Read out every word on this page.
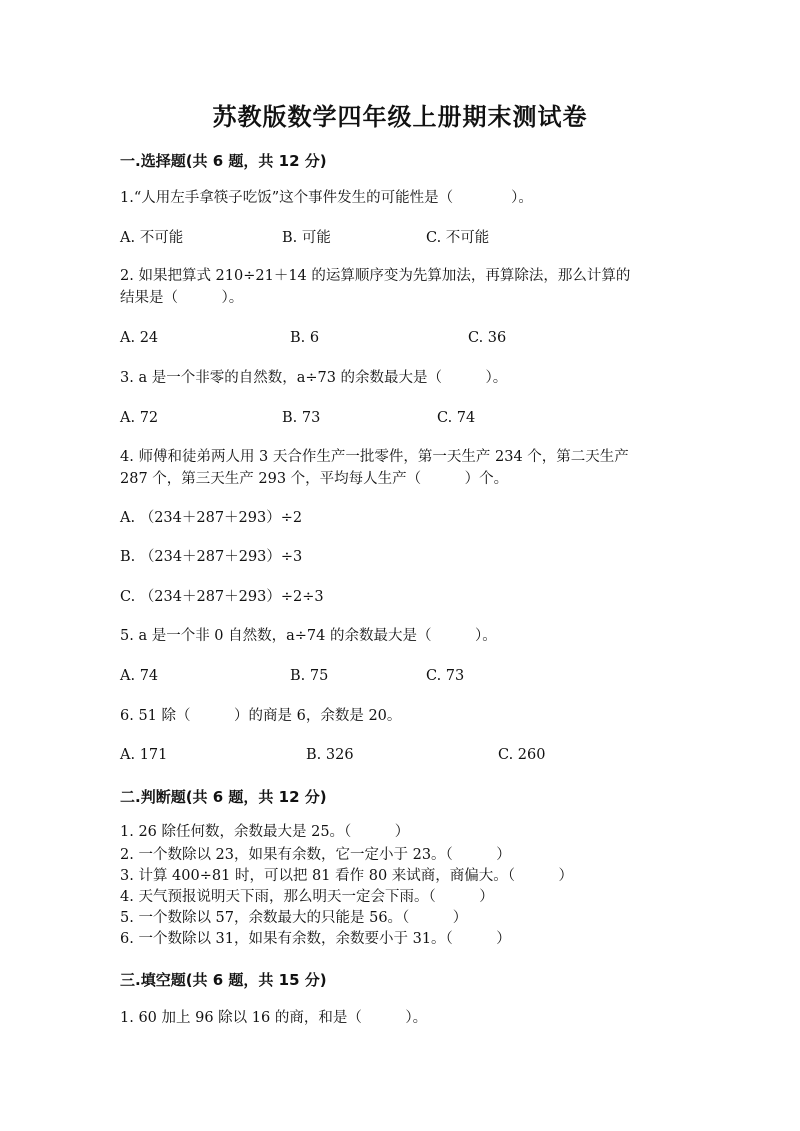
苏教版数学四年级上册期末测试卷
一.选择题(共 6 题，共 12 分)
1.“人用左手拿筷子吃饭”这个事件发生的可能性是（　　　　）。
A. 不可能	B. 可能	C. 不可能
2. 如果把算式 210÷21＋14 的运算顺序变为先算加法，再算除法，那么计算的
结果是（　　　）。
A. 24	B. 6	C. 36
3. a 是一个非零的自然数，a÷73 的余数最大是（　　　）。
A. 72	B. 73	C. 74
4. 师傅和徒弟两人用 3 天合作生产一批零件，第一天生产 234 个，第二天生产
287 个，第三天生产 293 个，平均每人生产（　　　）个。
A. （234＋287＋293）÷2
B. （234＋287＋293）÷3
C. （234＋287＋293）÷2÷3
5. a 是一个非 0 自然数，a÷74 的余数最大是（　　　）。
A. 74	B. 75	C. 73
6. 51 除（　　　）的商是 6，余数是 20。
A. 171	B. 326	C. 260
二.判断题(共 6 题，共 12 分)
1. 26 除任何数，余数最大是 25。（　　　）
2. 一个数除以 23，如果有余数，它一定小于 23。（　　　）
3. 计算 400÷81 时，可以把 81 看作 80 来试商，商偏大。（　　　）
4. 天气预报说明天下雨，那么明天一定会下雨。（　　　）
5. 一个数除以 57，余数最大的只能是 56。（　　　）
6. 一个数除以 31，如果有余数，余数要小于 31。（　　　）
三.填空题(共 6 题，共 15 分)
1. 60 加上 96 除以 16 的商，和是（　　　）。
